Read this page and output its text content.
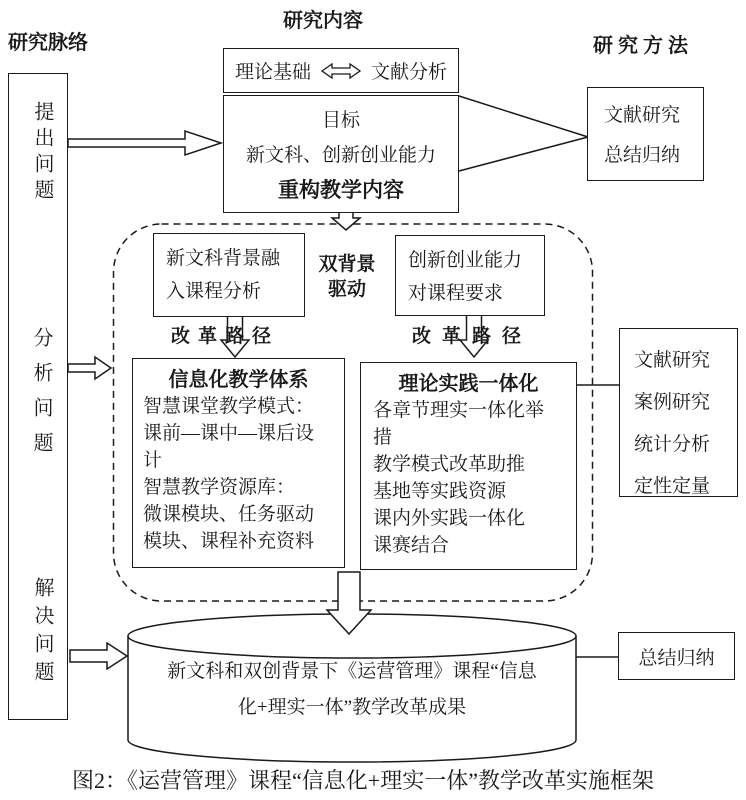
研究脉络
研究内容
研究方法
提出问题
分析问题
解决问题
理论基础	文献分析
目标
新文科、创新创业能力
重构教学内容
文献研究
总结归纳
新文科背景融
入课程分析
双背景
驱动
创新创业能力
对课程要求
改革路径	改革路径
信息化教学体系
智慧课堂教学模式：
课前—课中—课后设
计
智慧教学资源库：
微课模块、任务驱动
模块、课程补充资料
理论实践一体化
各章节理实一体化举
措
教学模式改革助推
基地等实践资源
课内外实践一体化
课赛结合
文献研究
案例研究
统计分析
定性定量
新文科和双创背景下《运营管理》课程“信息
化+理实一体”教学改革成果
总结归纳
图2：《运营管理》课程“信息化+理实一体”教学改革实施框架
